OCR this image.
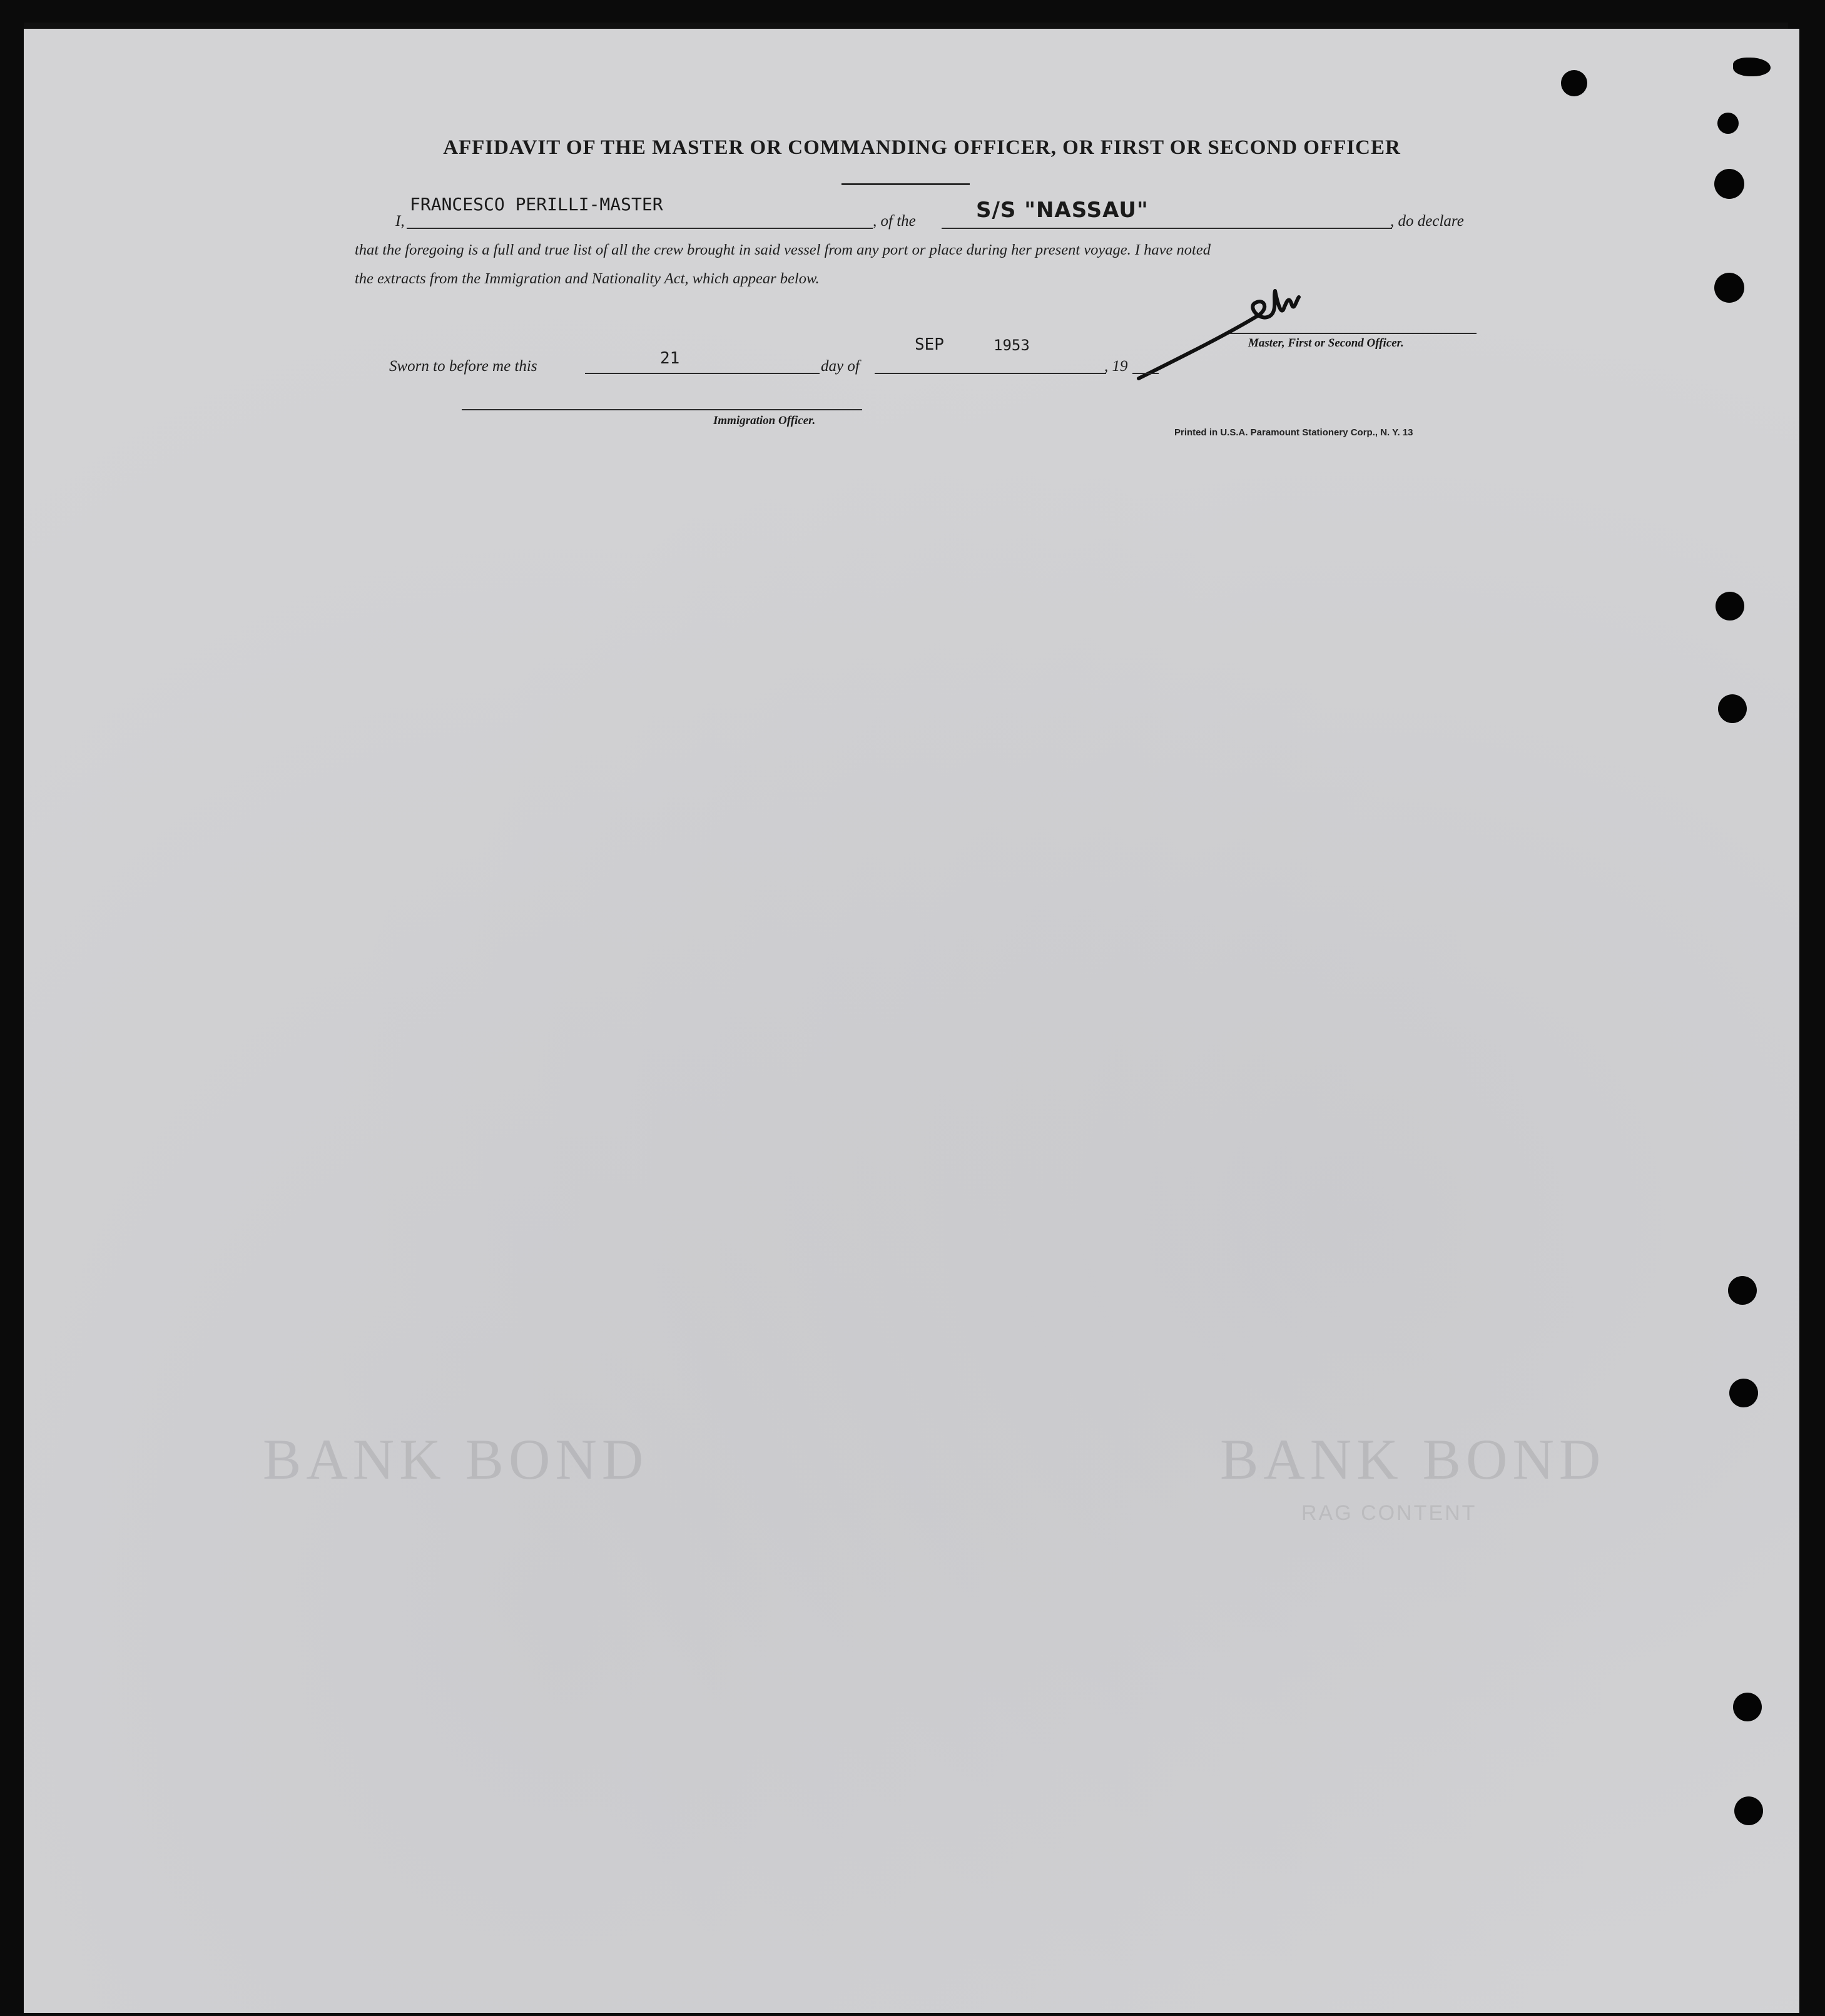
BANK BOND	BANK BOND
RAG CONTENT
AFFIDAVIT OF THE MASTER OR COMMANDING OFFICER, OR FIRST OR SECOND OFFICER
I,
FRANCESCO PERILLI-MASTER
, of the	S/S "NASSAU"	, do declare
that the foregoing is a full and true list of all the crew brought in said vessel from any port or place during her present voyage. I have noted
the extracts from the Immigration and Nationality Act, which appear below.
Master, First or Second Officer.
Sworn to before me this	21	day of
SEP	1953
, 19
Immigration Officer.
Printed in U.S.A. Paramount Stationery Corp., N. Y. 13
